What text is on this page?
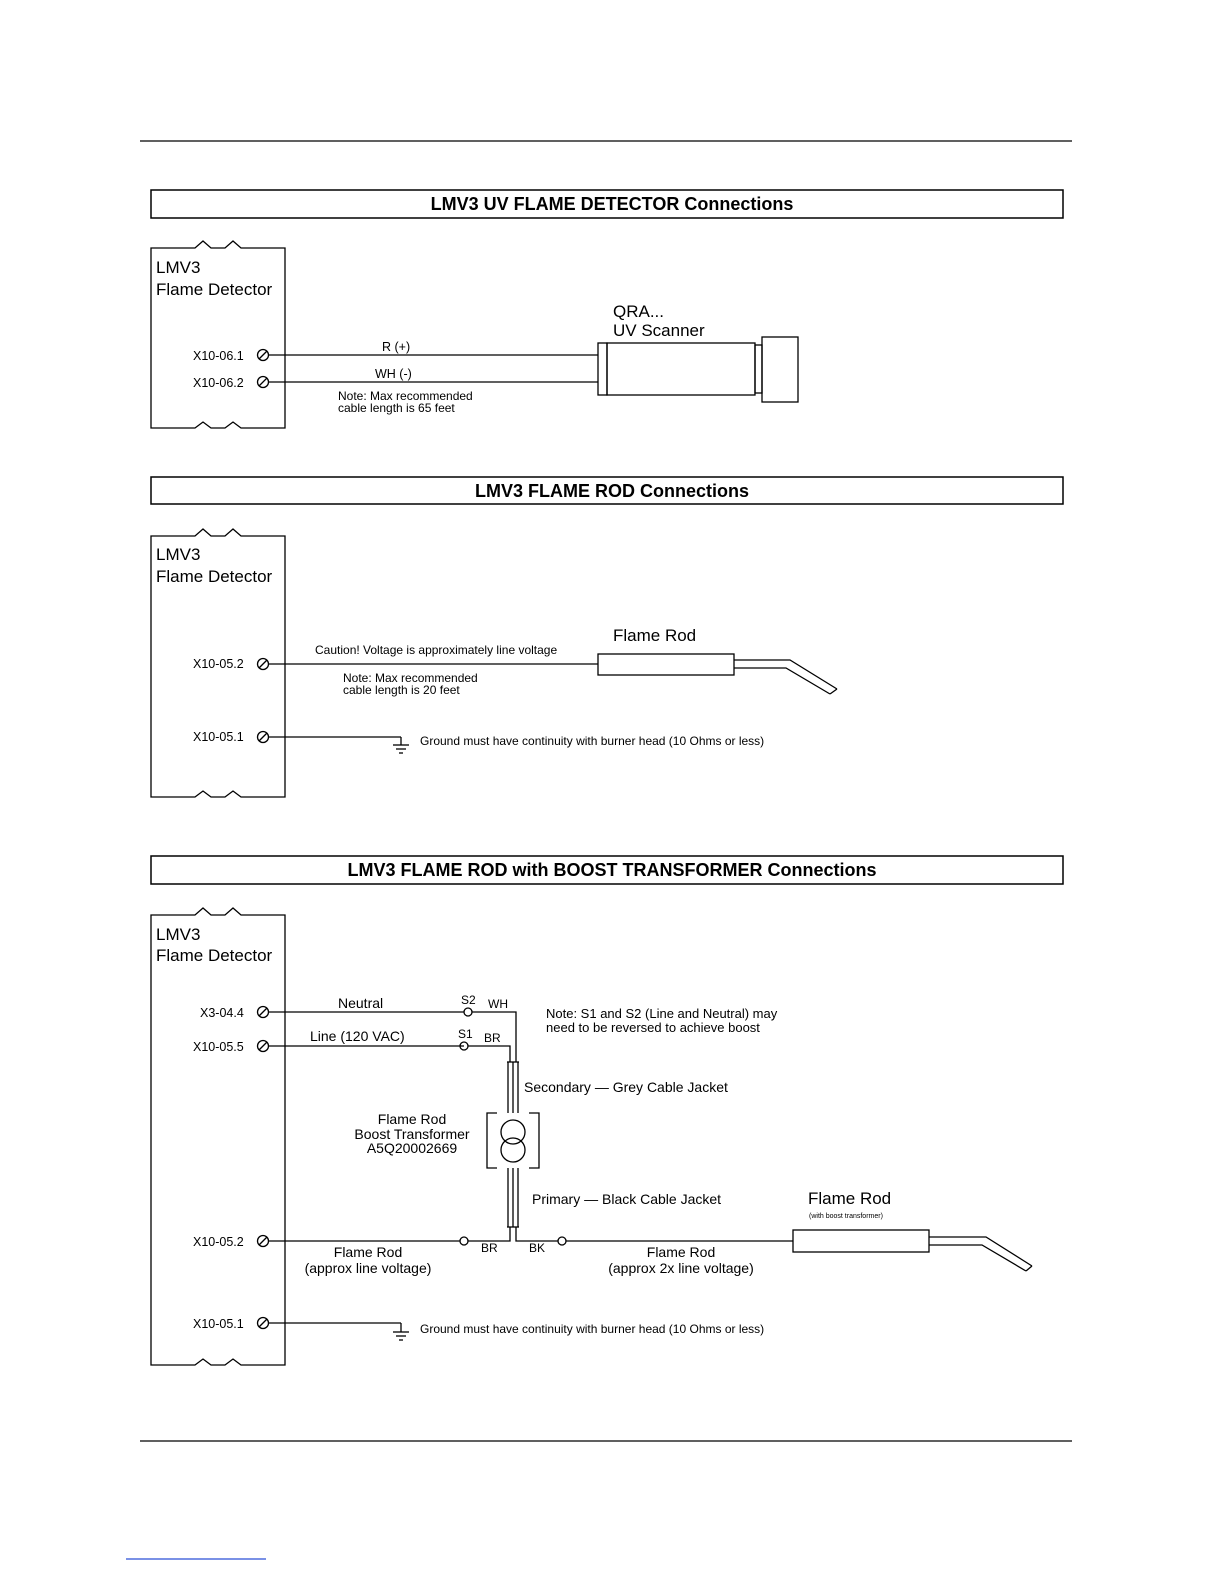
LMV3 UV FLAME DETECTOR Connections
LMV3
Flame Detector
X10-06.1
X10-06.2
R (+)
WH (-)
Note: Max recommended
cable length is 65 feet
QRA...
UV Scanner
LMV3 FLAME ROD Connections
LMV3
Flame Detector
X10-05.2
X10-05.1
Caution! Voltage is approximately line voltage
Note: Max recommended
cable length is 20 feet
Flame Rod
Ground must have continuity with burner head (10 Ohms or less)
LMV3 FLAME ROD with BOOST TRANSFORMER Connections
LMV3
Flame Detector
X3-04.4
X10-05.5
X10-05.2
X10-05.1
Neutral
Line (120 VAC)
S2
S1
WH
BR
Secondary — Grey Cable Jacket
Flame Rod
Boost Transformer
A5Q20002669
Primary — Black Cable Jacket
BR	BK
Flame Rod
(approx line voltage)
Flame Rod
(approx 2x line voltage)
Note: S1 and S2 (Line and Neutral) may
need to be reversed to achieve boost
Flame Rod
(with boost transformer)
Ground must have continuity with burner head (10 Ohms or less)
